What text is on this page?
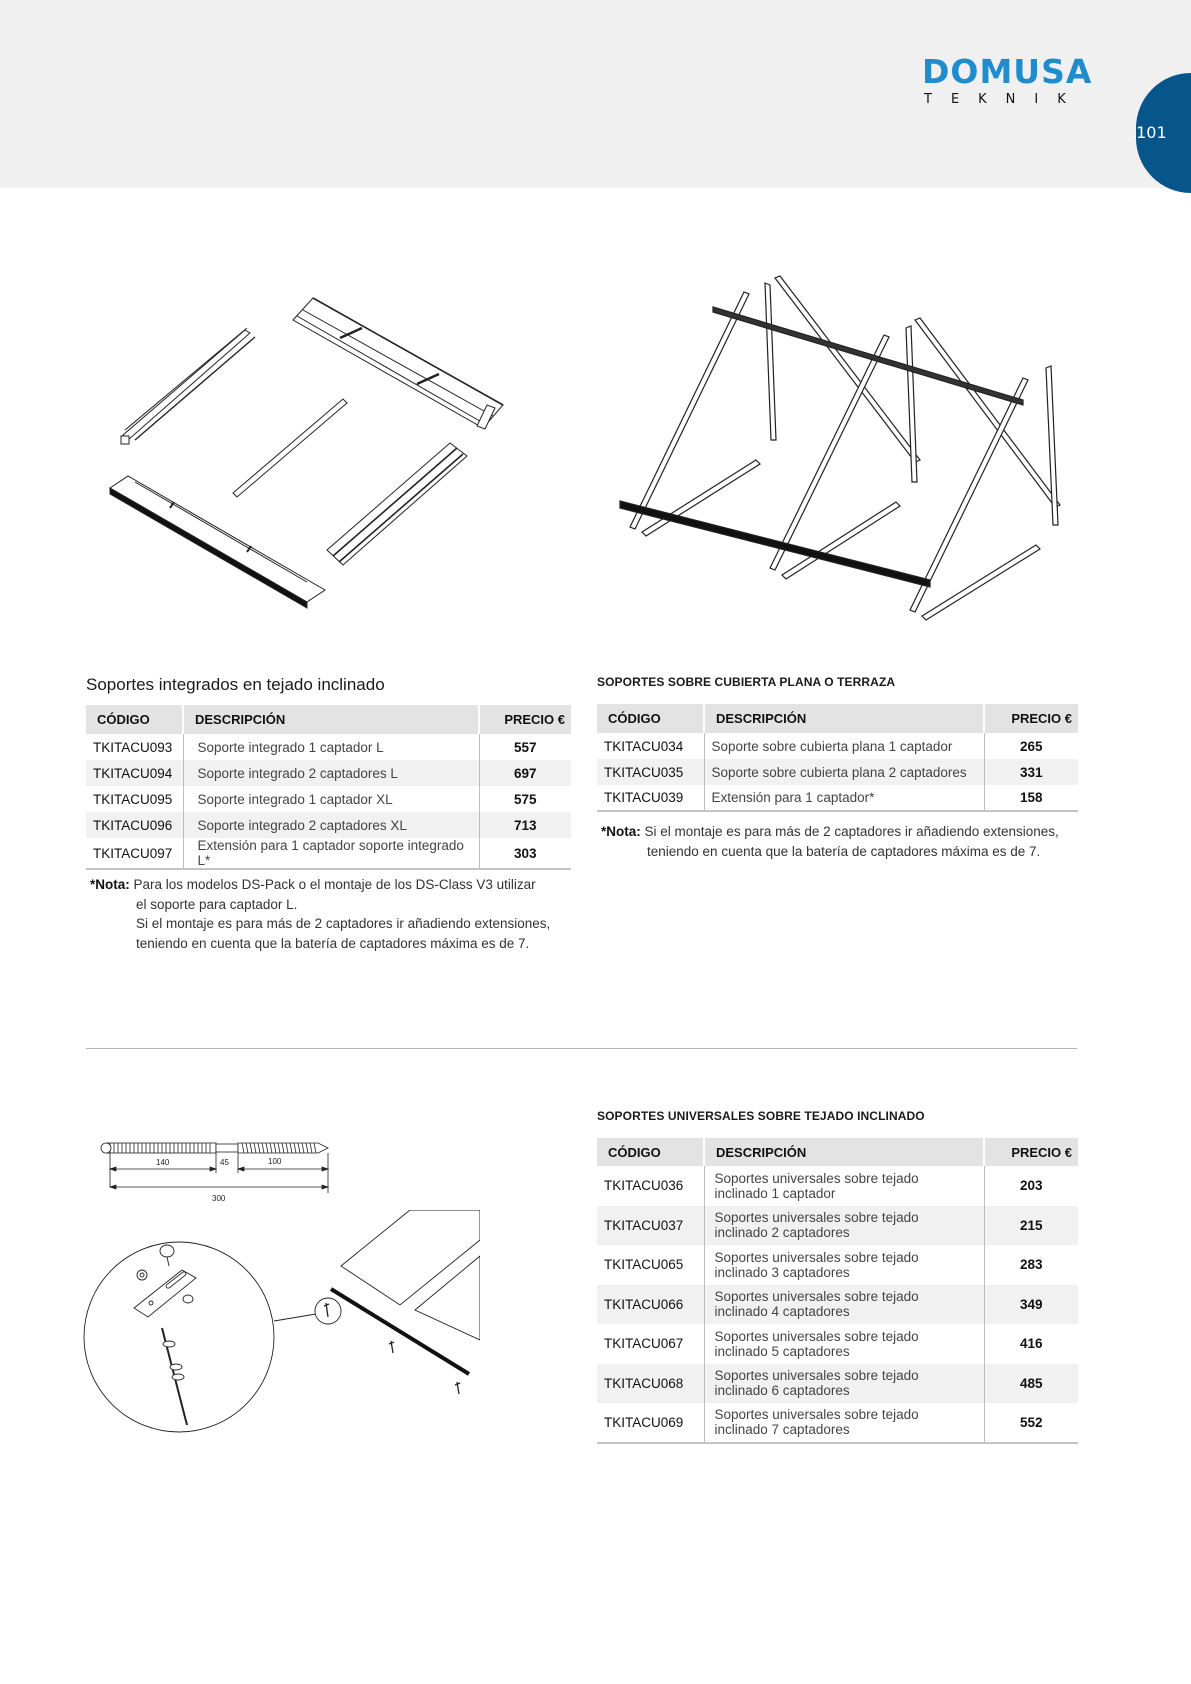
DOMUSA
TEKNIK
.101
Soportes integrados en tejado inclinado
CÓDIGO	DESCRIPCIÓN	PRECIO €
TKITACU093	Soporte integrado 1 captador L	557
TKITACU094	Soporte integrado 2 captadores L	697
TKITACU095	Soporte integrado 1 captador XL	575
TKITACU096	Soporte integrado 2 captadores XL	713
TKITACU097	Extensión para 1 captador soporte integrado L*	303
*Nota: Para los modelos DS-Pack o el montaje de los DS-Class V3 utilizar
el soporte para captador L.
Si el montaje es para más de 2 captadores ir añadiendo extensiones,
teniendo en cuenta que la batería de captadores máxima es de 7.
SOPORTES SOBRE CUBIERTA PLANA O TERRAZA
CÓDIGO	DESCRIPCIÓN	PRECIO €
TKITACU034	Soporte sobre cubierta plana 1 captador	265
TKITACU035	Soporte sobre cubierta plana 2 captadores	331
TKITACU039	Extensión para 1 captador*	158
*Nota: Si el montaje es para más de 2 captadores ir añadiendo extensiones,
teniendo en cuenta que la batería de captadores máxima es de 7.
140	45	100
300
SOPORTES UNIVERSALES SOBRE TEJADO INCLINADO
CÓDIGO	DESCRIPCIÓN	PRECIO €
TKITACU036	Soportes universales sobre tejado
inclinado 1 captador	203
TKITACU037	Soportes universales sobre tejado
inclinado 2 captadores	215
TKITACU065	Soportes universales sobre tejado
inclinado 3 captadores	283
TKITACU066	Soportes universales sobre tejado
inclinado 4 captadores	349
TKITACU067	Soportes universales sobre tejado
inclinado 5 captadores	416
TKITACU068	Soportes universales sobre tejado
inclinado 6 captadores	485
TKITACU069	Soportes universales sobre tejado
inclinado 7 captadores	552
